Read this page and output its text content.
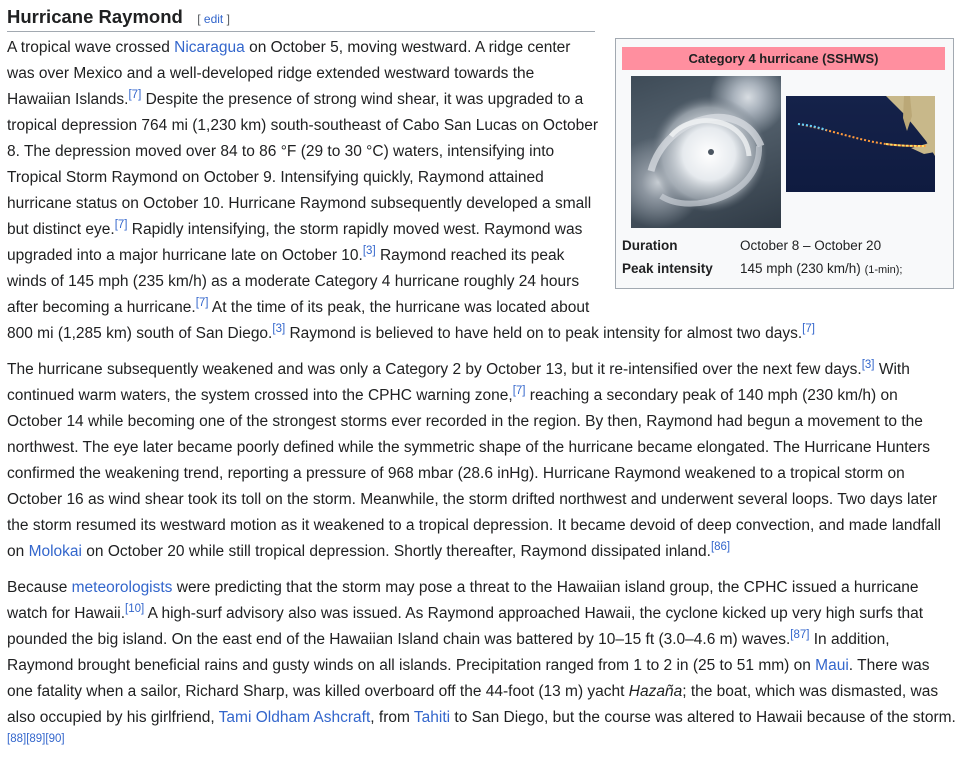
Hurricane Raymond [ edit ]
Category 4 hurricane (SSHWS)
Duration	October 8 – October 20
Peak intensity	145 mph (230 km/h) (1-min);

A tropical wave crossed Nicaragua on October 5, moving westward. A ridge center was over Mexico and a well-developed ridge extended westward towards the Hawaiian Islands.[7] Despite the presence of strong wind shear, it was upgraded to a tropical depression 764 mi (1,230 km) south-southeast of Cabo San Lucas on October 8. The depression moved over 84 to 86 °F (29 to 30 °C) waters, intensifying into Tropical Storm Raymond on October 9. Intensifying quickly, Raymond attained hurricane status on October 10. Hurricane Raymond subsequently developed a small but distinct eye.[7] Rapidly intensifying, the storm rapidly moved west. Raymond was upgraded into a major hurricane late on October 10.[3] Raymond reached its peak winds of 145 mph (235 km/h) as a moderate Category 4 hurricane roughly 24 hours after becoming a hurricane.[7] At the time of its peak, the hurricane was located about 800 mi (1,285 km) south of San Diego.[3] Raymond is believed to have held on to peak intensity for almost two days.[7]

The hurricane subsequently weakened and was only a Category 2 by October 13, but it re-intensified over the next few days.[3] With continued warm waters, the system crossed into the CPHC warning zone,[7] reaching a secondary peak of 140 mph (230 km/h) on October 14 while becoming one of the strongest storms ever recorded in the region. By then, Raymond had begun a movement to the northwest. The eye later became poorly defined while the symmetric shape of the hurricane became elongated. The Hurricane Hunters confirmed the weakening trend, reporting a pressure of 968 mbar (28.6 inHg). Hurricane Raymond weakened to a tropical storm on October 16 as wind shear took its toll on the storm. Meanwhile, the storm drifted northwest and underwent several loops. Two days later the storm resumed its westward motion as it weakened to a tropical depression. It became devoid of deep convection, and made landfall on Molokai on October 20 while still tropical depression. Shortly thereafter, Raymond dissipated inland.[86]

Because meteorologists were predicting that the storm may pose a threat to the Hawaiian island group, the CPHC issued a hurricane watch for Hawaii.[10] A high-surf advisory also was issued. As Raymond approached Hawaii, the cyclone kicked up very high surfs that pounded the big island. On the east end of the Hawaiian Island chain was battered by 10–15 ft (3.0–4.6 m) waves.[87] In addition, Raymond brought beneficial rains and gusty winds on all islands. Precipitation ranged from 1 to 2 in (25 to 51 mm) on Maui. There was one fatality when a sailor, Richard Sharp, was killed overboard off the 44-foot (13 m) yacht Hazaña; the boat, which was dismasted, was also occupied by his girlfriend, Tami Oldham Ashcraft, from Tahiti to San Diego, but the course was altered to Hawaii because of the storm.[88][89][90]
